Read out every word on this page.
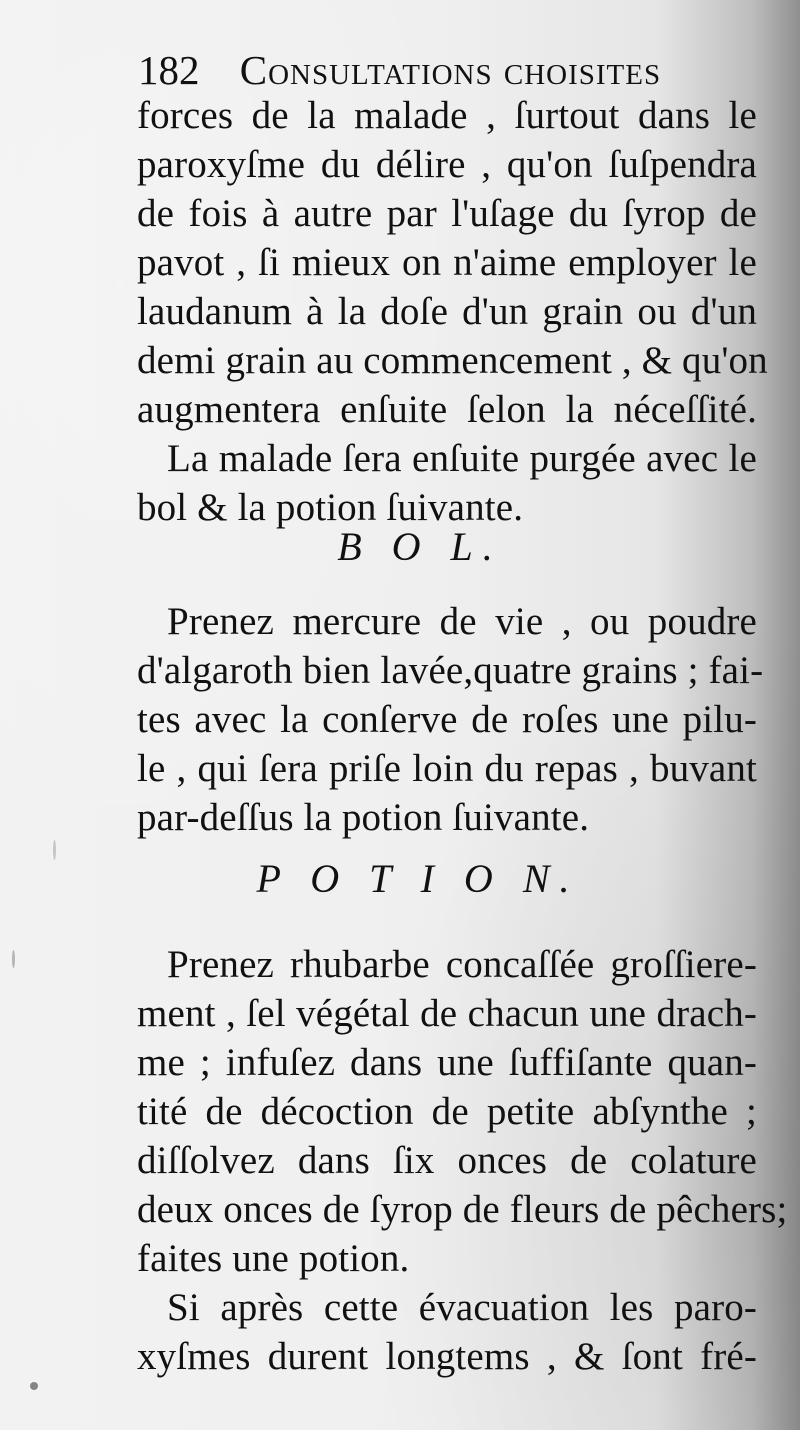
182 Consultations choisites
forces de la malade , ſurtout dans le
paroxyſme du délire , qu'on ſuſpendra
de fois à autre par l'uſage du ſyrop de
pavot , ſi mieux on n'aime employer le
laudanum à la doſe d'un grain ou d'un
demi grain au commencement , & qu'on
augmentera enſuite ſelon la néceſſité.
La malade ſera enſuite purgée avec le
bol & la potion ſuivante.
B O L.
Prenez mercure de vie , ou poudre
d'algaroth bien lavée,quatre grains ; fai-
tes avec la conſerve de roſes une pilu-
le , qui ſera priſe loin du repas , buvant
par-deſſus la potion ſuivante.
P O T I O N.
Prenez rhubarbe concaſſée groſſiere-
ment , ſel végétal de chacun une drach-
me ; infuſez dans une ſuffiſante quan-
tité de décoction de petite abſynthe ;
diſſolvez dans ſix onces de colature
deux onces de ſyrop de fleurs de pêchers;
faites une potion.
Si après cette évacuation les paro-
xyſmes durent longtems , & ſont fré-
